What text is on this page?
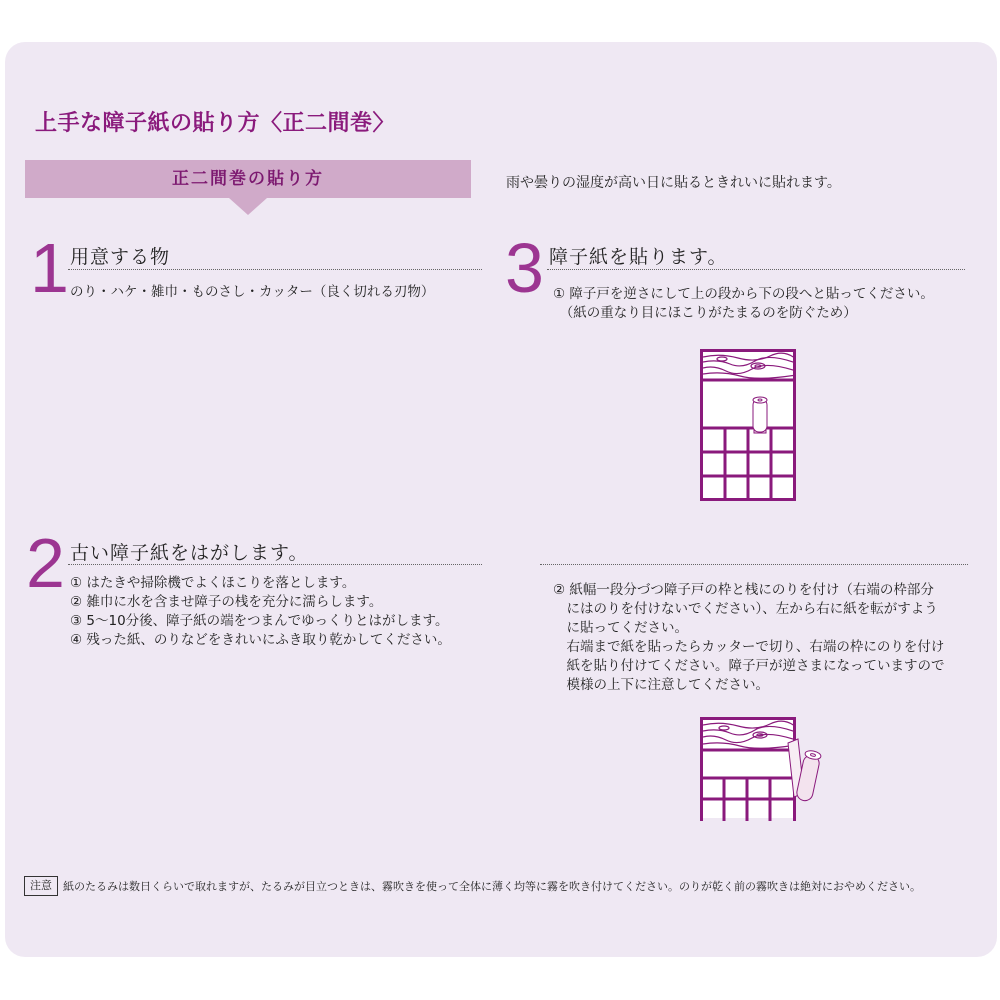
上手な障子紙の貼り方〈正二間巻〉
正二間巻の貼り方	雨や曇りの湿度が高い日に貼るときれいに貼れます。
1 用意する物
のり・ハケ・雑巾・ものさし・カッター（良く切れる刃物）
2 古い障子紙をはがします。
① はたきや掃除機でよくほこりを落とします。
② 雑巾に水を含ませ障子の桟を充分に濡らします。
③ 5〜10分後、障子紙の端をつまんでゆっくりとはがします。
④ 残った紙、のりなどをきれいにふき取り乾かしてください。
3 障子紙を貼ります。
① 障子戸を逆さにして上の段から下の段へと貼ってください。
　（紙の重なり目にほこりがたまるのを防ぐため）
② 紙幅一段分づつ障子戸の枠と桟にのりを付け（右端の枠部分
　にはのりを付けないでください）、左から右に紙を転がすよう
　に貼ってください。
　右端まで紙を貼ったらカッターで切り、右端の枠にのりを付け
　紙を貼り付けてください。障子戸が逆さまになっていますので
　模様の上下に注意してください。
注意	紙のたるみは数日くらいで取れますが、たるみが目立つときは、霧吹きを使って全体に薄く均等に霧を吹き付けてください。のりが乾く前の霧吹きは絶対におやめください。
